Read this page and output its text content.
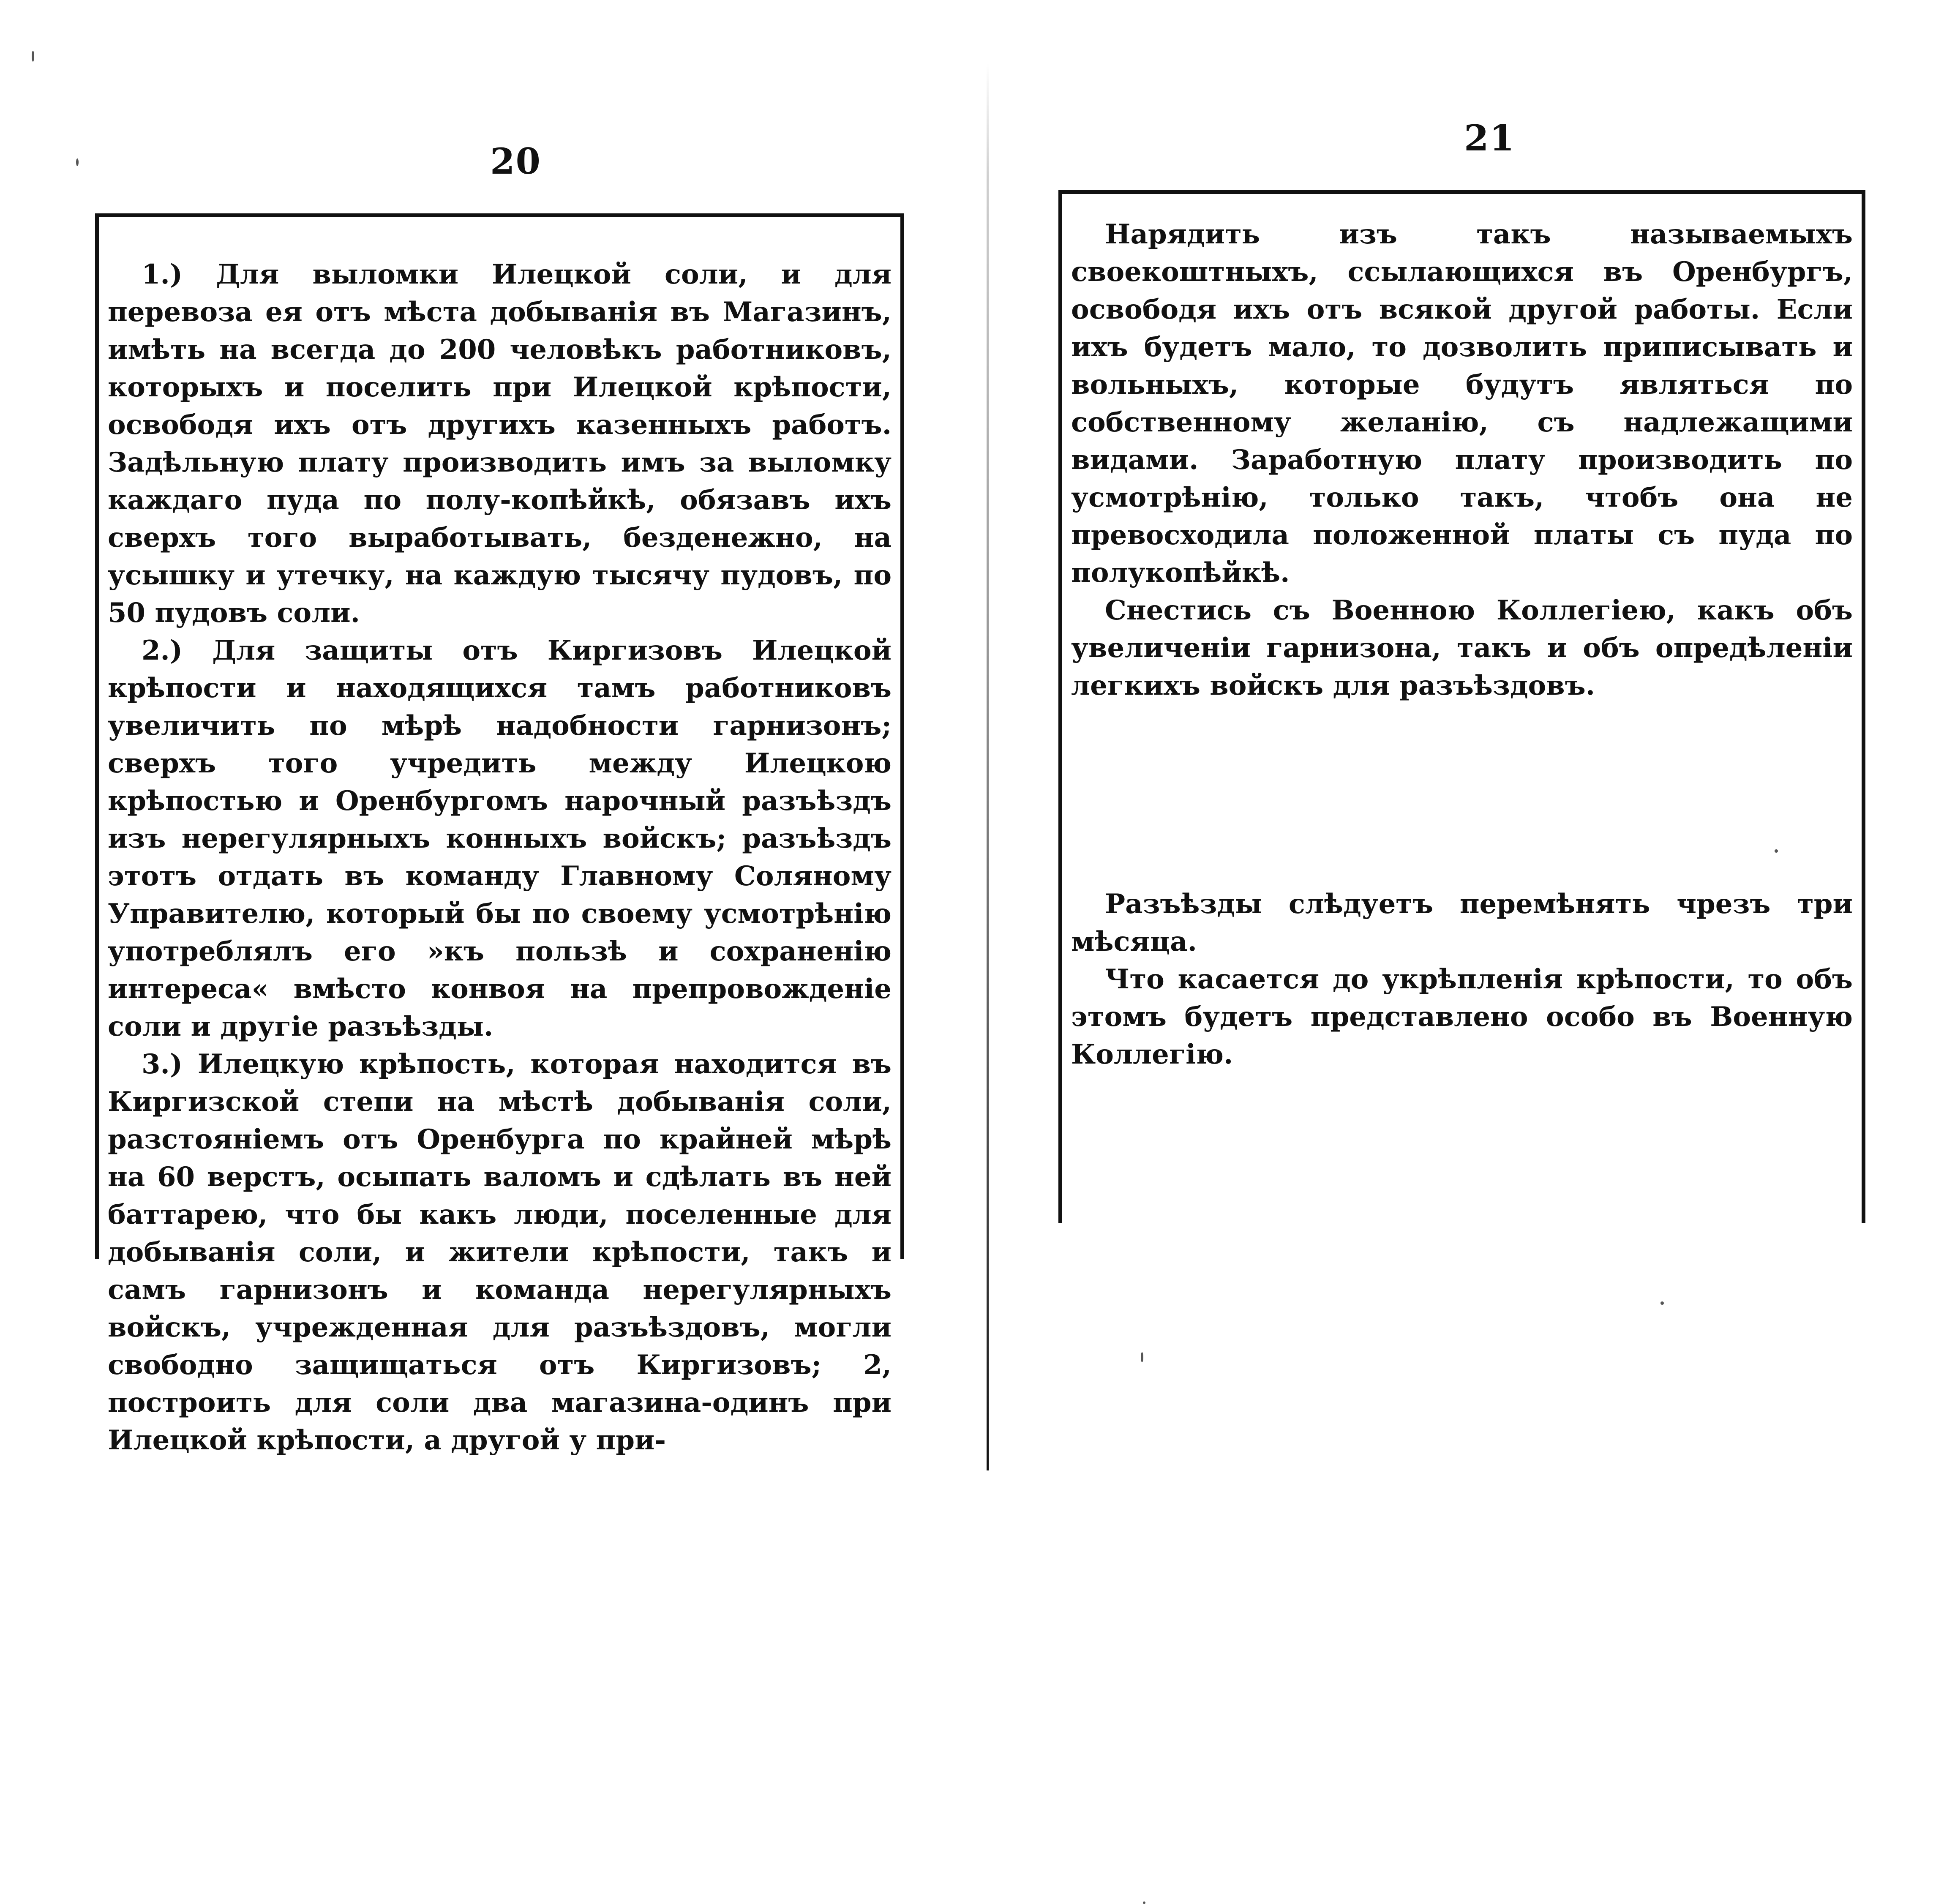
20
21

1.) Для выломки Илецкой соли, и для перевоза ея отъ мѣста добыванія въ Магазинъ, имѣть на всегда до 200 человѣкъ работниковъ, которыхъ и поселить при Илецкой крѣпости, освободя ихъ отъ другихъ казенныхъ работъ. Задѣльную плату производить имъ за выломку каждаго пуда по полу-копѣйкѣ, обязавъ ихъ сверхъ того выработывать, безденежно, на усышку и утечку, на каждую тысячу пудовъ, по 50 пудовъ соли.

2.) Для защиты отъ Киргизовъ Илецкой крѣпости и находящихся тамъ работниковъ увеличить по мѣрѣ надобности гарнизонъ; сверхъ того учредить между Илецкою крѣпостью и Оренбургомъ нарочный разъѣздъ изъ нерегулярныхъ конныхъ войскъ; разъѣздъ этотъ отдать въ команду Главному Соляному Управителю, который бы по своему усмотрѣнію употреблялъ его »къ пользѣ и сохраненію интереса« вмѣсто конвоя на препровожденіе соли и другіе разъѣзды.

3.) Илецкую крѣпость, которая находится въ Киргизской степи на мѣстѣ добыванія соли, разстояніемъ отъ Оренбурга по крайней мѣрѣ на 60 верстъ, осыпать валомъ и сдѣлать въ ней баттарею, что бы какъ люди, поселенные для добыванія соли, и жители крѣпости, такъ и самъ гарнизонъ и команда нерегулярныхъ войскъ, учрежденная для разъѣздовъ, могли свободно защищаться отъ Киргизовъ; 2, построить для соли два магазина-одинъ при Илецкой крѣпости, а другой у при-

Нарядить изъ такъ называемыхъ своекоштныхъ, ссылающихся въ Оренбургъ, освободя ихъ отъ всякой другой работы. Если ихъ будетъ мало, то дозволить приписывать и вольныхъ, которые будутъ являться по собственному желанію, съ надлежащими видами. Заработную плату производить по усмотрѣнію, только такъ, чтобъ она не превосходила положенной платы съ пуда по полукопѣйкѣ.

Снестись съ Военною Коллегіею, какъ объ увеличеніи гарнизона, такъ и объ опредѣленіи легкихъ войскъ для разъѣздовъ.

Разъѣзды слѣдуетъ перемѣнять чрезъ три мѣсяца.

Что касается до укрѣпленія крѣпости, то объ этомъ будетъ представлено особо въ Военную Коллегію.
